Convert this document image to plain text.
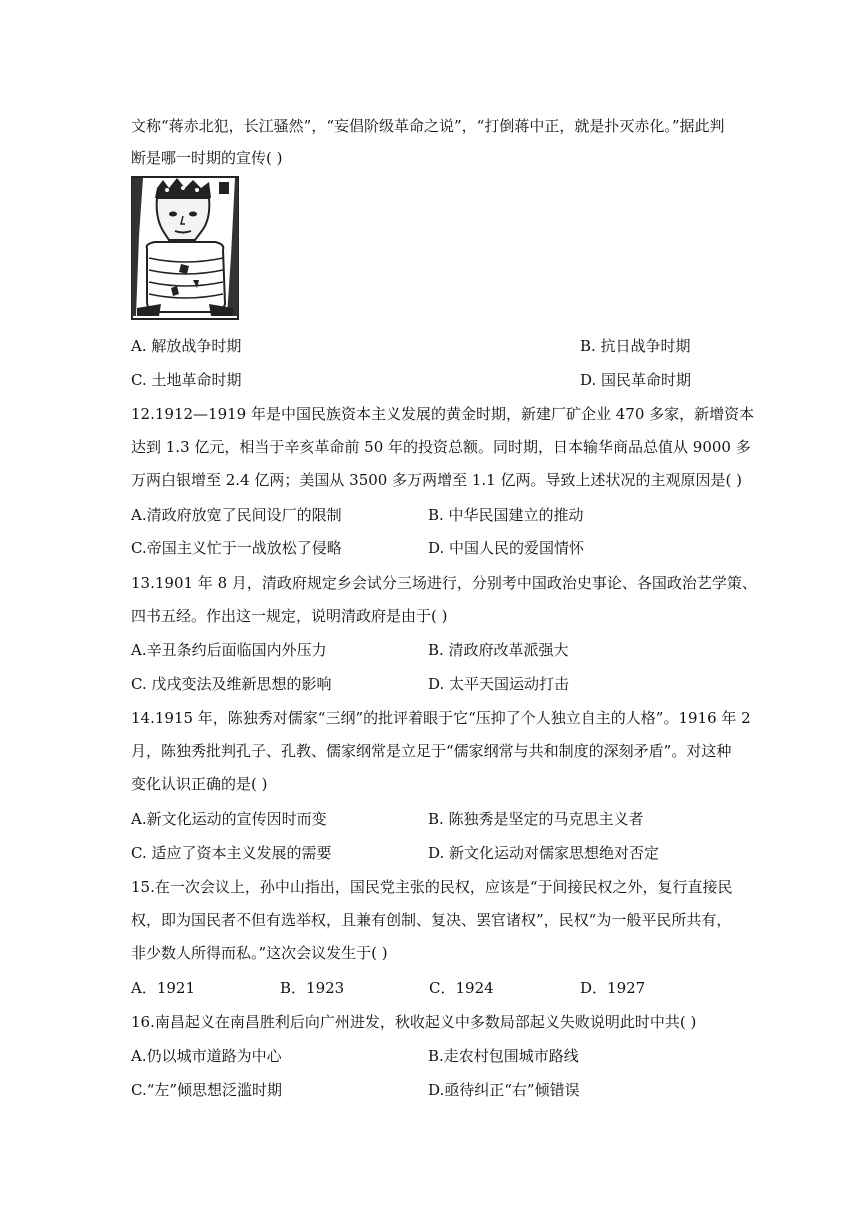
文称“蒋赤北犯，长江骚然”，“妄倡阶级革命之说”，“打倒蒋中正，就是扑灭赤化。”据此判
断是哪一时期的宣传( )
A. 解放战争时期	B. 抗日战争时期
C. 土地革命时期	D. 国民革命时期
12.1912—1919 年是中国民族资本主义发展的黄金时期，新建厂矿企业 470 多家，新增资本
达到 1.3 亿元，相当于辛亥革命前 50 年的投资总额。同时期，日本输华商品总值从 9000 多
万两白银增至 2.4 亿两；美国从 3500 多万两增至 1.1 亿两。导致上述状况的主观原因是( )
A.清政府放宽了民间设厂的限制	B. 中华民国建立的推动
C.帝国主义忙于一战放松了侵略	D. 中国人民的爱国情怀
13.1901 年 8 月，清政府规定乡会试分三场进行，分别考中国政治史事论、各国政治艺学策、
四书五经。作出这一规定，说明清政府是由于( )
A.辛丑条约后面临国内外压力	B. 清政府改革派强大
C. 戊戌变法及维新思想的影响	D. 太平天国运动打击
14.1915 年，陈独秀对儒家“三纲”的批评着眼于它“压抑了个人独立自主的人格”。1916 年 2
月，陈独秀批判孔子、孔教、儒家纲常是立足于“儒家纲常与共和制度的深刻矛盾”。对这种
变化认识正确的是( )
A.新文化运动的宣传因时而变	B. 陈独秀是坚定的马克思主义者
C. 适应了资本主义发展的需要	D. 新文化运动对儒家思想绝对否定
15.在一次会议上，孙中山指出，国民党主张的民权，应该是“于间接民权之外，复行直接民
权，即为国民者不但有选举权，且兼有创制、复决、罢官诸权”，民权“为一般平民所共有，
非少数人所得而私。”这次会议发生于( )
A．1921	B．1923	C．1924	D．1927
16.南昌起义在南昌胜利后向广州进发，秋收起义中多数局部起义失败说明此时中共( )
A.仍以城市道路为中心	B.走农村包围城市路线
C.“左”倾思想泛滥时期	D.亟待纠正“右”倾错误
